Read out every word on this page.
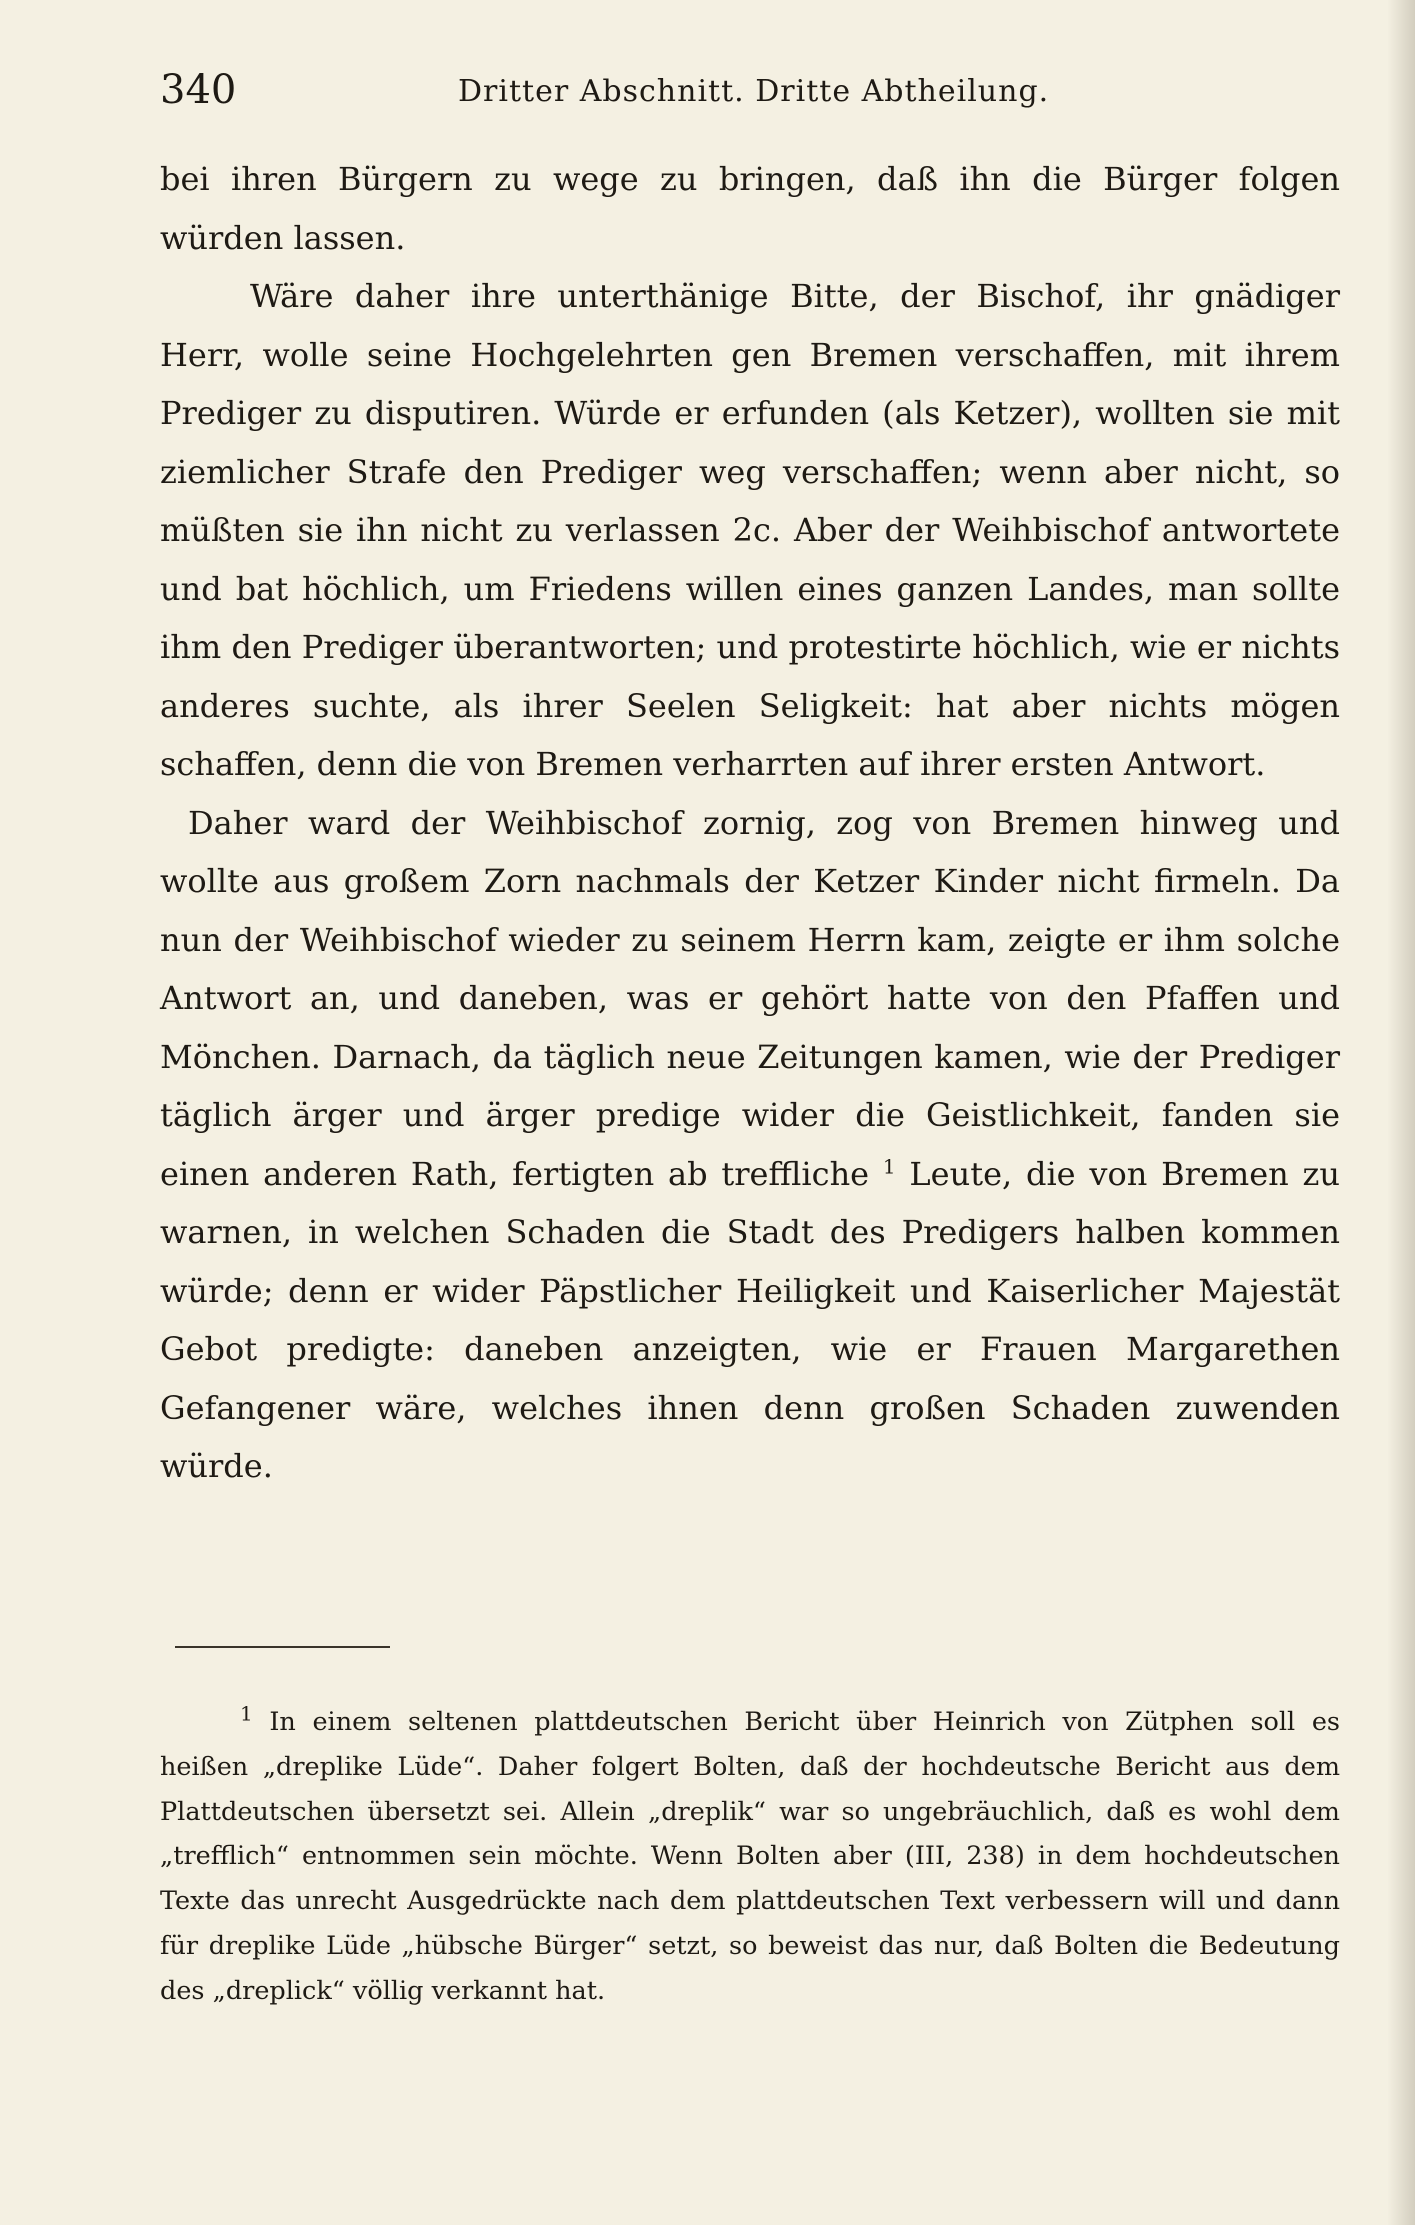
340	Dritter Abschnitt. Dritte Abtheilung.

bei ihren Bürgern zu wege zu bringen, daß ihn die Bürger folgen würden lassen.

Wäre daher ihre unterthänige Bitte, der Bischof, ihr gnädiger Herr, wolle seine Hochgelehrten gen Bremen verschaffen, mit ihrem Prediger zu disputiren. Würde er erfunden (als Ketzer), wollten sie mit ziemlicher Strafe den Prediger weg verschaffen; wenn aber nicht, so müßten sie ihn nicht zu verlassen 2c. Aber der Weihbischof antwortete und bat höchlich, um Friedens willen eines ganzen Landes, man sollte ihm den Prediger überantworten; und protestirte höchlich, wie er nichts anderes suchte, als ihrer Seelen Seligkeit: hat aber nichts mögen schaffen, denn die von Bremen verharrten auf ihrer ersten Antwort.

Daher ward der Weihbischof zornig, zog von Bremen hinweg und wollte aus großem Zorn nachmals der Ketzer Kinder nicht firmeln. Da nun der Weihbischof wieder zu seinem Herrn kam, zeigte er ihm solche Antwort an, und daneben, was er gehört hatte von den Pfaffen und Mönchen. Darnach, da täglich neue Zeitungen kamen, wie der Prediger täglich ärger und ärger predige wider die Geistlichkeit, fanden sie einen anderen Rath, fertigten ab treffliche $^1$ Leute, die von Bremen zu warnen, in welchen Schaden die Stadt des Predigers halben kommen würde; denn er wider Päpstlicher Heiligkeit und Kaiserlicher Majestät Gebot predigte: daneben anzeigten, wie er Frauen Margarethen Gefangener wäre, welches ihnen denn großen Schaden zuwenden würde.

$^1$ In einem seltenen plattdeutschen Bericht über Heinrich von Zütphen soll es heißen „dreplike Lüde“. Daher folgert Bolten, daß der hochdeutsche Bericht aus dem Plattdeutschen übersetzt sei. Allein „dreplik“ war so ungebräuchlich, daß es wohl dem „trefflich“ entnommen sein möchte. Wenn Bolten aber (III, 238) in dem hochdeutschen Texte das unrecht Ausgedrückte nach dem plattdeutschen Text verbessern will und dann für dreplike Lüde „hübsche Bürger“ setzt, so beweist das nur, daß Bolten die Bedeutung des „dreplick“ völlig verkannt hat.
